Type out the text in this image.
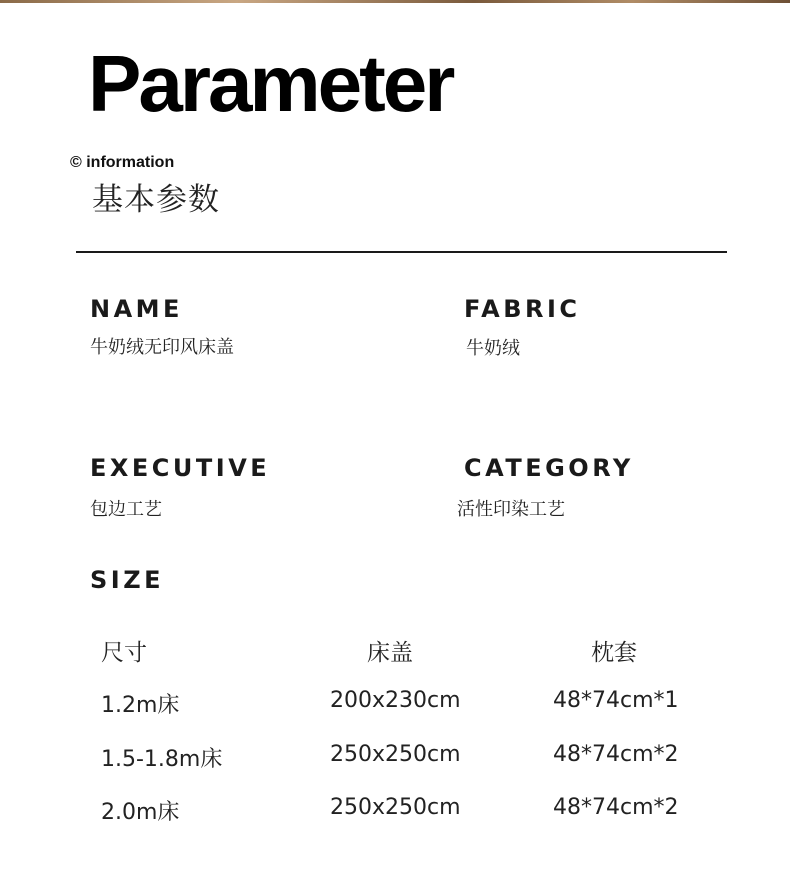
Parameter
© information
基本参数
NAME
牛奶绒无印风床盖
FABRIC
牛奶绒
EXECUTIVE
包边工艺
CATEGORY
活性印染工艺
SIZE
尺寸	床盖	枕套
1.2m床	200x230cm	48*74cm*1
1.5-1.8m床	250x250cm	48*74cm*2
2.0m床	250x250cm	48*74cm*2
